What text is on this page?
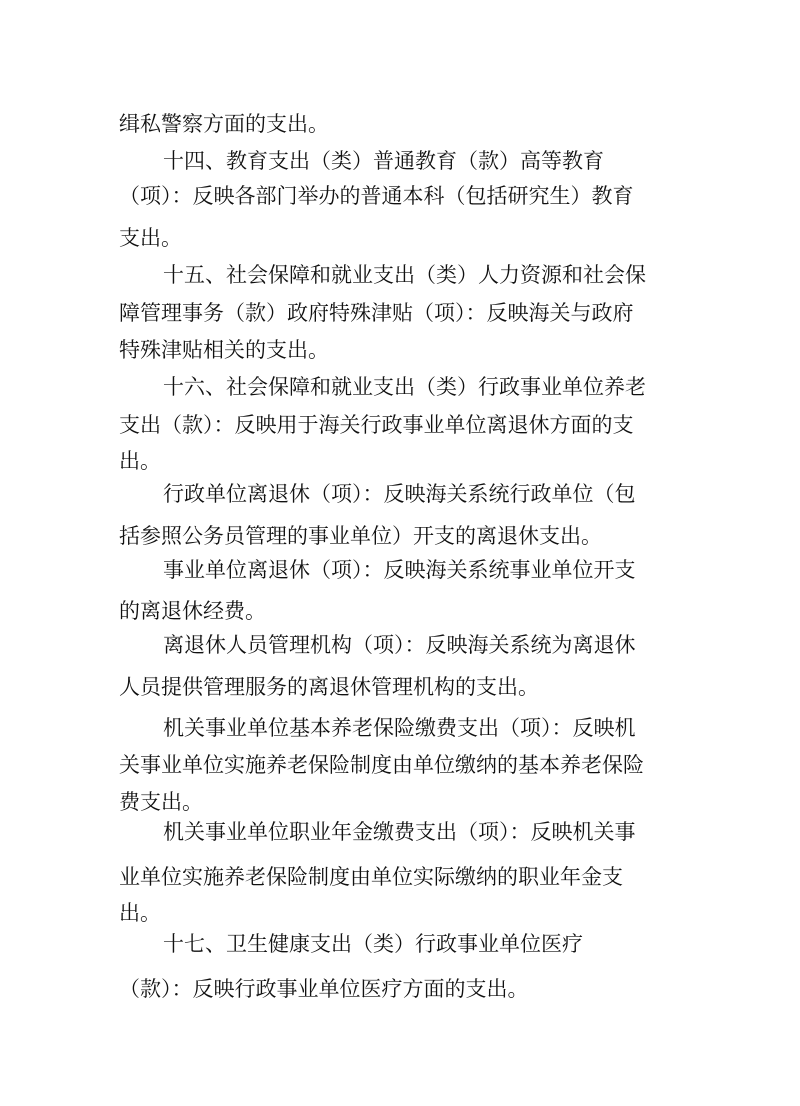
缉私警察方面的支出。

十四、教育支出（类）普通教育（款）高等教育

（项）：反映各部门举办的普通本科（包括研究生）教育

支出。

十五、社会保障和就业支出（类）人力资源和社会保

障管理事务（款）政府特殊津贴（项）：反映海关与政府

特殊津贴相关的支出。

十六、社会保障和就业支出（类）行政事业单位养老

支出（款）：反映用于海关行政事业单位离退休方面的支

出。

行政单位离退休（项）：反映海关系统行政单位（包

括参照公务员管理的事业单位）开支的离退休支出。

事业单位离退休（项）：反映海关系统事业单位开支

的离退休经费。

离退休人员管理机构（项）：反映海关系统为离退休

人员提供管理服务的离退休管理机构的支出。

机关事业单位基本养老保险缴费支出（项）：反映机

关事业单位实施养老保险制度由单位缴纳的基本养老保险

费支出。

机关事业单位职业年金缴费支出（项）：反映机关事

业单位实施养老保险制度由单位实际缴纳的职业年金支

出。

十七、卫生健康支出（类）行政事业单位医疗

（款）：反映行政事业单位医疗方面的支出。
